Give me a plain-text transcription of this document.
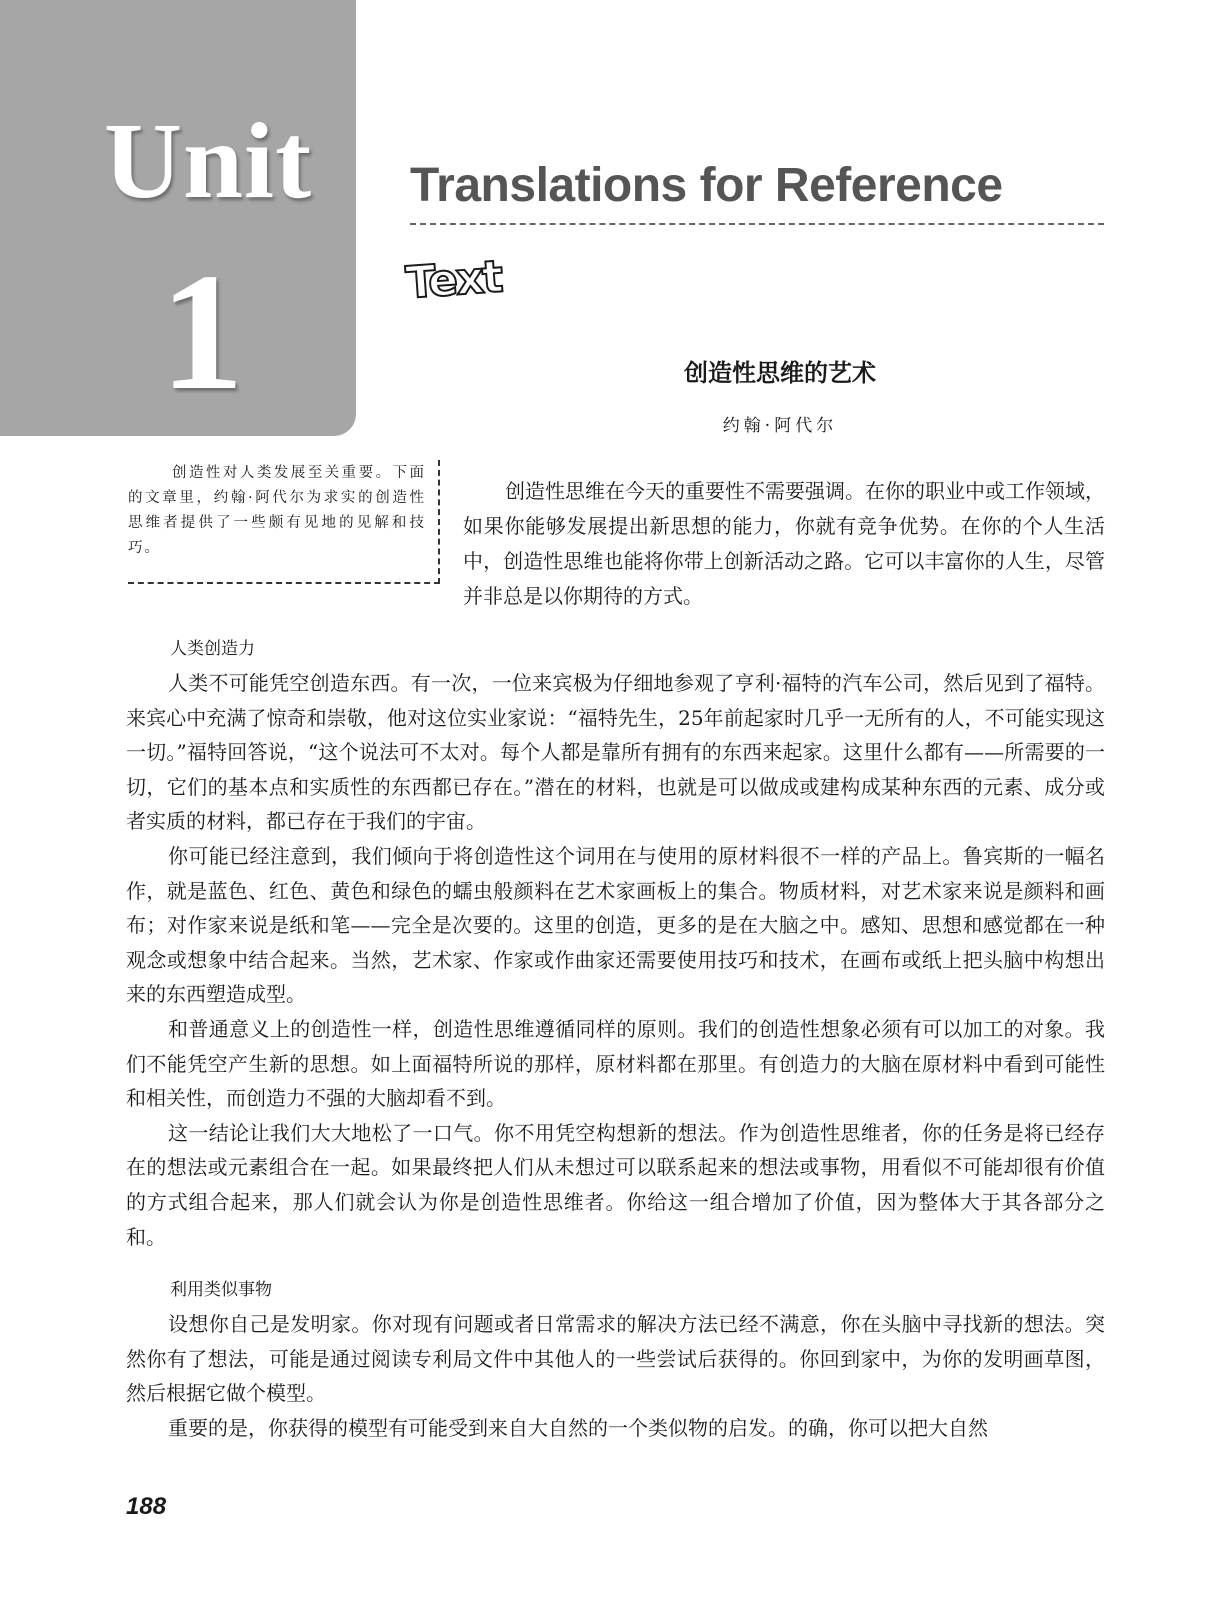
Unit
1
Translations for Reference
Text
创造性思维的艺术
约翰·阿代尔
创造性对人类发展至关重要。下面的文章里，约翰·阿代尔为求实的创造性思维者提供了一些颇有见地的见解和技巧。

创造性思维在今天的重要性不需要强调。在你的职业中或工作领域，如果你能够发展提出新思想的能力，你就有竞争优势。在你的个人生活中，创造性思维也能将你带上创新活动之路。它可以丰富你的人生，尽管并非总是以你期待的方式。

人类创造力

人类不可能凭空创造东西。有一次，一位来宾极为仔细地参观了亨利·福特的汽车公司，然后见到了福特。来宾心中充满了惊奇和崇敬，他对这位实业家说：“福特先生，25年前起家时几乎一无所有的人，不可能实现这一切。”福特回答说，“这个说法可不太对。每个人都是靠所有拥有的东西来起家。这里什么都有——所需要的一切，它们的基本点和实质性的东西都已存在。”潜在的材料，也就是可以做成或建构成某种东西的元素、成分或者实质的材料，都已存在于我们的宇宙。

你可能已经注意到，我们倾向于将创造性这个词用在与使用的原材料很不一样的产品上。鲁宾斯的一幅名作，就是蓝色、红色、黄色和绿色的蠕虫般颜料在艺术家画板上的集合。物质材料，对艺术家来说是颜料和画布；对作家来说是纸和笔——完全是次要的。这里的创造，更多的是在大脑之中。感知、思想和感觉都在一种观念或想象中结合起来。当然，艺术家、作家或作曲家还需要使用技巧和技术，在画布或纸上把头脑中构想出来的东西塑造成型。

和普通意义上的创造性一样，创造性思维遵循同样的原则。我们的创造性想象必须有可以加工的对象。我们不能凭空产生新的思想。如上面福特所说的那样，原材料都在那里。有创造力的大脑在原材料中看到可能性和相关性，而创造力不强的大脑却看不到。

这一结论让我们大大地松了一口气。你不用凭空构想新的想法。作为创造性思维者，你的任务是将已经存在的想法或元素组合在一起。如果最终把人们从未想过可以联系起来的想法或事物，用看似不可能却很有价值的方式组合起来，那人们就会认为你是创造性思维者。你给这一组合增加了价值，因为整体大于其各部分之和。

利用类似事物

设想你自己是发明家。你对现有问题或者日常需求的解决方法已经不满意，你在头脑中寻找新的想法。突然你有了想法，可能是通过阅读专利局文件中其他人的一些尝试后获得的。你回到家中，为你的发明画草图，然后根据它做个模型。

重要的是，你获得的模型有可能受到来自大自然的一个类似物的启发。的确，你可以把大自然

188
